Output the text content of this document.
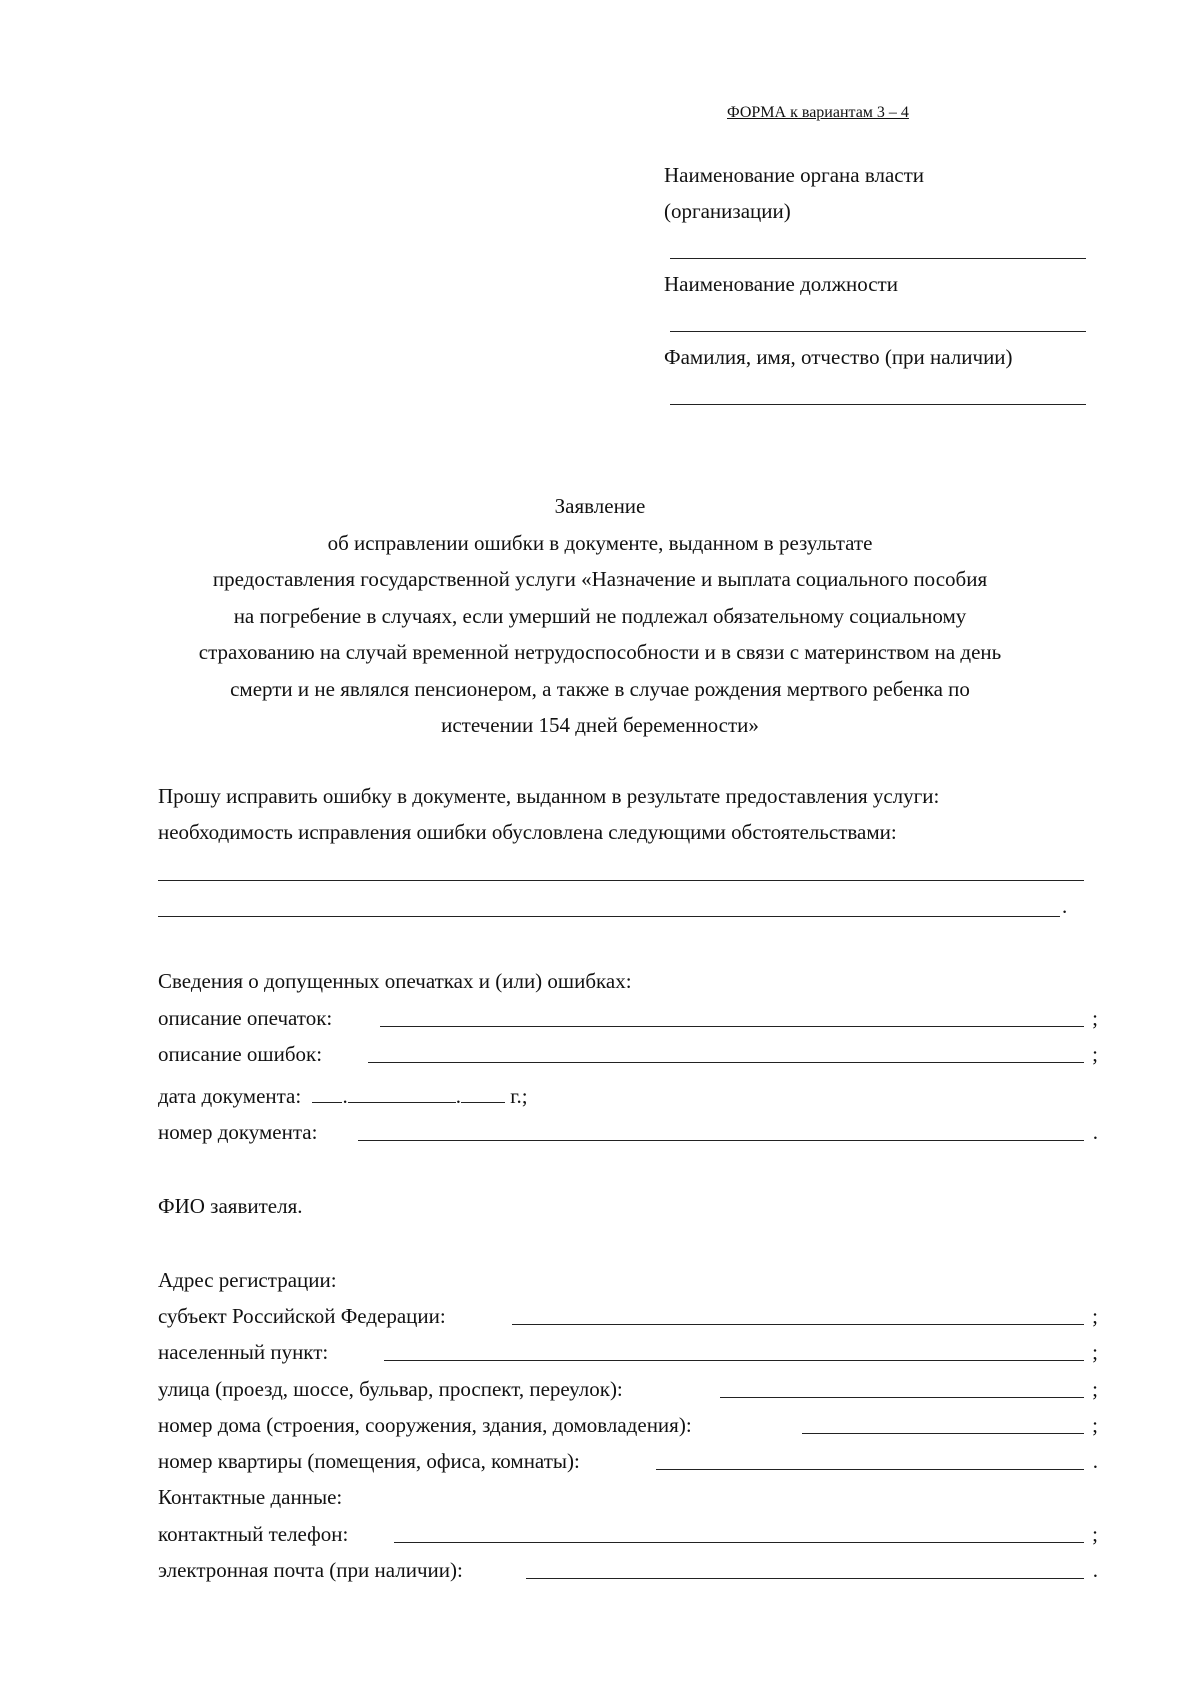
ФОРМА к вариантам 3 – 4
Наименование органа власти
(организации)
Наименование должности
Фамилия, имя, отчество (при наличии)
Заявление
об исправлении ошибки в документе, выданном в результате
предоставления государственной услуги «Назначение и выплата социального пособия
на погребение в случаях, если умерший не подлежал обязательному социальному
страхованию на случай временной нетрудоспособности и в связи с материнством на день
смерти и не являлся пенсионером, а также в случае рождения мертвого ребенка по
истечении 154 дней беременности»
Прошу исправить ошибку в документе, выданном в результате предоставления услуги:
необходимость исправления ошибки обусловлена следующими обстоятельствами:
.
Сведения о допущенных опечатках и (или) ошибках:
описание опечаток:	;
описание ошибок:	;
дата документа: .	. г.;
номер документа:	.
ФИО заявителя.
Адрес регистрации:
субъект Российской Федерации:	;
населенный пункт:	;
улица (проезд, шоссе, бульвар, проспект, переулок):	;
номер дома (строения, сооружения, здания, домовладения):	;
номер квартиры (помещения, офиса, комнаты):	.
Контактные данные:
контактный телефон:	;
электронная почта (при наличии):	.
